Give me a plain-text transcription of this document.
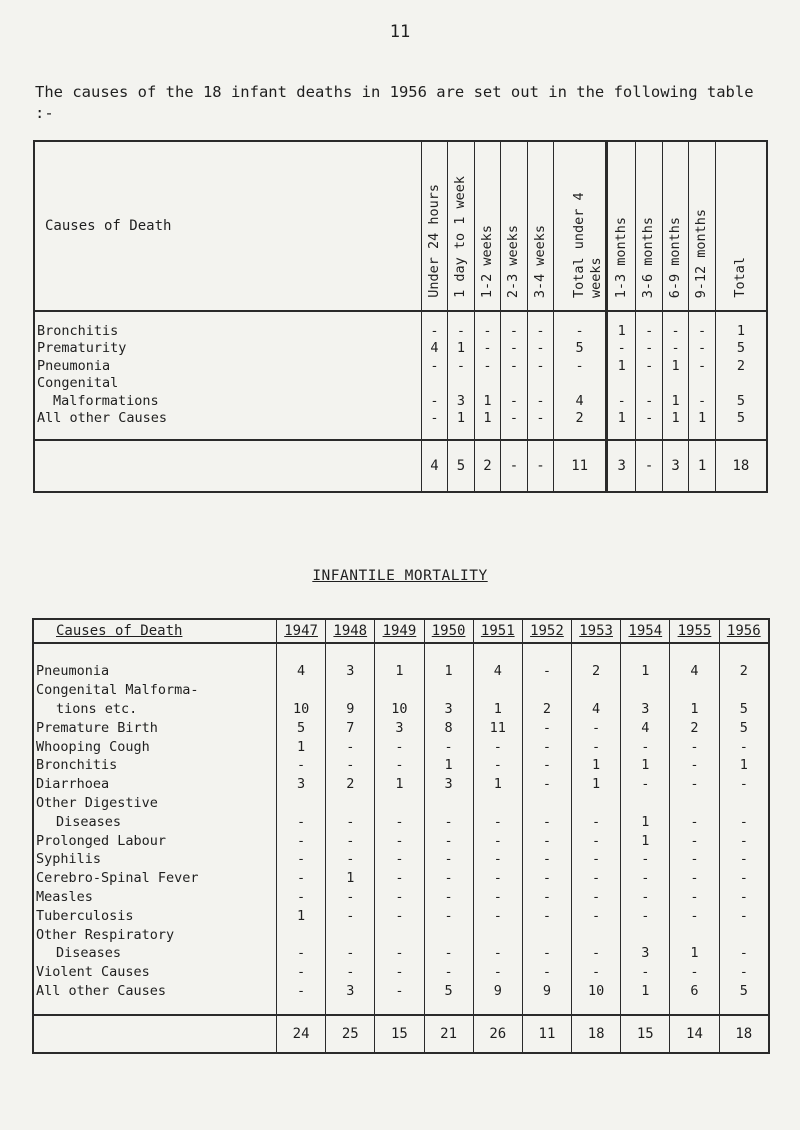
11
The causes of the 18 infant deaths in 1956 are set out in the following table :-
Causes of Death	Under 24 hours	1 day to 1 week	1-2 weeks	2-3 weeks	3-4 weeks	Total under 4 weeks	1-3 months	3-6 months	6-9 months	9-12 months	Total

Bronchitis	-	-	-	-	-	-	1	-	-	-	1
Prematurity	4	1	-	-	-	5	-	-	-	-	5
Pneumonia	-	-	-	-	-	-	1	-	1	-	2
Congenital											
Malformations	-	3	1	-	-	4	-	-	1	-	5
All other Causes	-	1	1	-	-	2	1	-	1	1	5
	4	5	2	-	-	11	3	-	3	1	18
INFANTILE MORTALITY
Causes of Death	1947	1948	1949	1950	1951	1952	1953	1954	1955	1956
Pneumonia	4	3	1	1	4	-	2	1	4	2
Congenital Malforma-										
tions etc.	10	9	10	3	1	2	4	3	1	5
Premature Birth	5	7	3	8	11	-	-	4	2	5
Whooping Cough	1	-	-	-	-	-	-	-	-	-
Bronchitis	-	-	-	1	-	-	1	1	-	1
Diarrhoea	3	2	1	3	1	-	1	-	-	-
Other Digestive										
Diseases	-	-	-	-	-	-	-	1	-	-
Prolonged Labour	-	-	-	-	-	-	-	1	-	-
Syphilis	-	-	-	-	-	-	-	-	-	-
Cerebro-Spinal Fever	-	1	-	-	-	-	-	-	-	-
Measles	-	-	-	-	-	-	-	-	-	-
Tuberculosis	1	-	-	-	-	-	-	-	-	-
Other Respiratory										
Diseases	-	-	-	-	-	-	-	3	1	-
Violent Causes	-	-	-	-	-	-	-	-	-	-
All other Causes	-	3	-	5	9	9	10	1	6	5
	24	25	15	21	26	11	18	15	14	18
